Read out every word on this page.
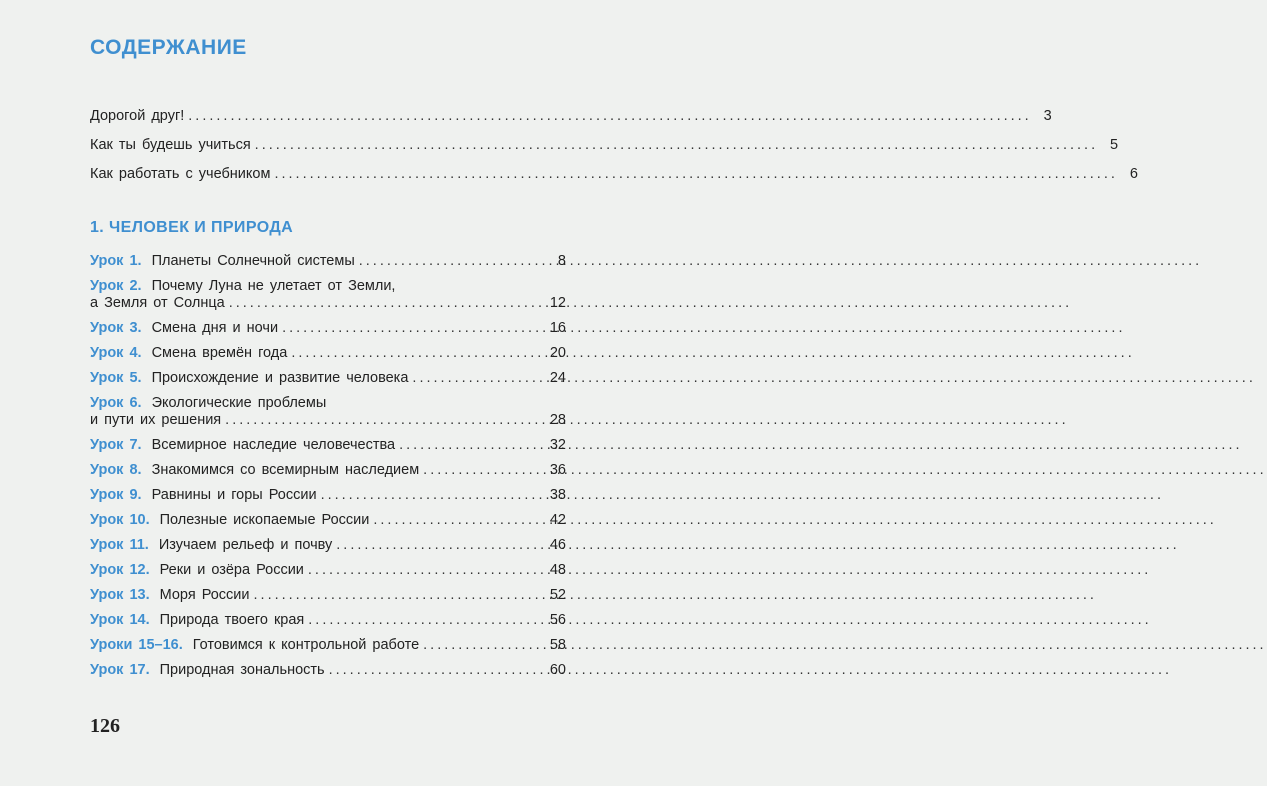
СОДЕРЖАНИЕ
Дорогой друг! .....	3
Как ты будешь учиться .....	5
Как работать с учебником .....	6
1. ЧЕЛОВЕК И ПРИРОДА
Урок 1. Планеты Солнечной системы .....	8
Урок 2. Почему Луна не улетает от Земли,
а Земля от Солнца .....	12
Урок 3. Смена дня и ночи .....	16
Урок 4. Смена времён года .....	20
Урок 5. Происхождение и развитие человека .....	24
Урок 6. Экологические проблемы
и пути их решения .....	28
Урок 7. Всемирное наследие человечества .....	32
Урок 8. Знакомимся со всемирным наследием .....	36
Урок 9. Равнины и горы России .....	38
Урок 10. Полезные ископаемые России .....	42
Урок 11. Изучаем рельеф и почву .....	46
Урок 12. Реки и озёра России .....	48
Урок 13. Моря России .....	52
Урок 14. Природа твоего края .....	56
Уроки 15–16. Готовимся к контрольной работе .....	58
Урок 17. Природная зональность .....	60
126
